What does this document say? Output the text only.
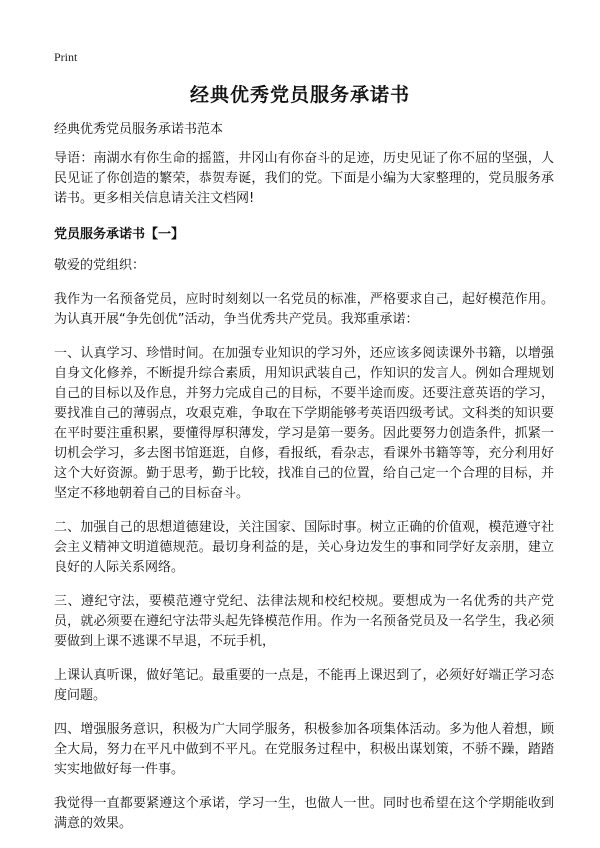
Print
经典优秀党员服务承诺书

经典优秀党员服务承诺书范本

导语：南湖水有你生命的摇篮，井冈山有你奋斗的足迹，历史见证了你不屈的坚强，人民见证了你创造的繁荣，恭贺寿诞，我们的党。下面是小编为大家整理的，党员服务承诺书。更多相关信息请关注文档网!

党员服务承诺书【一】

敬爱的党组织：

我作为一名预备党员，应时时刻刻以一名党员的标准，严格要求自己，起好模范作用。为认真开展“争先创优”活动，争当优秀共产党员。我郑重承诺：

一、认真学习、珍惜时间。在加强专业知识的学习外，还应该多阅读课外书籍，以增强自身文化修养，不断提升综合素质，用知识武装自己，作知识的发言人。例如合理规划自己的目标以及作息，并努力完成自己的目标，不要半途而废。还要注意英语的学习，要找准自己的薄弱点，攻艰克难，争取在下学期能够考英语四级考试。文科类的知识要在平时要注重积累，要懂得厚积薄发，学习是第一要务。因此要努力创造条件，抓紧一切机会学习，多去图书馆逛逛，自修，看报纸，看杂志，看课外书籍等等，充分利用好这个大好资源。勤于思考，勤于比较，找准自己的位置，给自己定一个合理的目标，并坚定不移地朝着自己的目标奋斗。

二、加强自己的思想道德建设，关注国家、国际时事。树立正确的价值观，模范遵守社会主义精神文明道德规范。最切身利益的是，关心身边发生的事和同学好友亲朋，建立良好的人际关系网络。

三、遵纪守法，要模范遵守党纪、法律法规和校纪校规。要想成为一名优秀的共产党员，就必须要在遵纪守法带头起先锋模范作用。作为一名预备党员及一名学生，我必须要做到上课不逃课不早退，不玩手机，

上课认真听课，做好笔记。最重要的一点是，不能再上课迟到了，必须好好端正学习态度问题。

四、增强服务意识，积极为广大同学服务，积极参加各项集体活动。多为他人着想，顾全大局，努力在平凡中做到不平凡。在党服务过程中，积极出谋划策，不骄不躁，踏踏实实地做好每一件事。

我觉得一直都要紧遵这个承诺，学习一生，也做人一世。同时也希望在这个学期能收到满意的效果。
